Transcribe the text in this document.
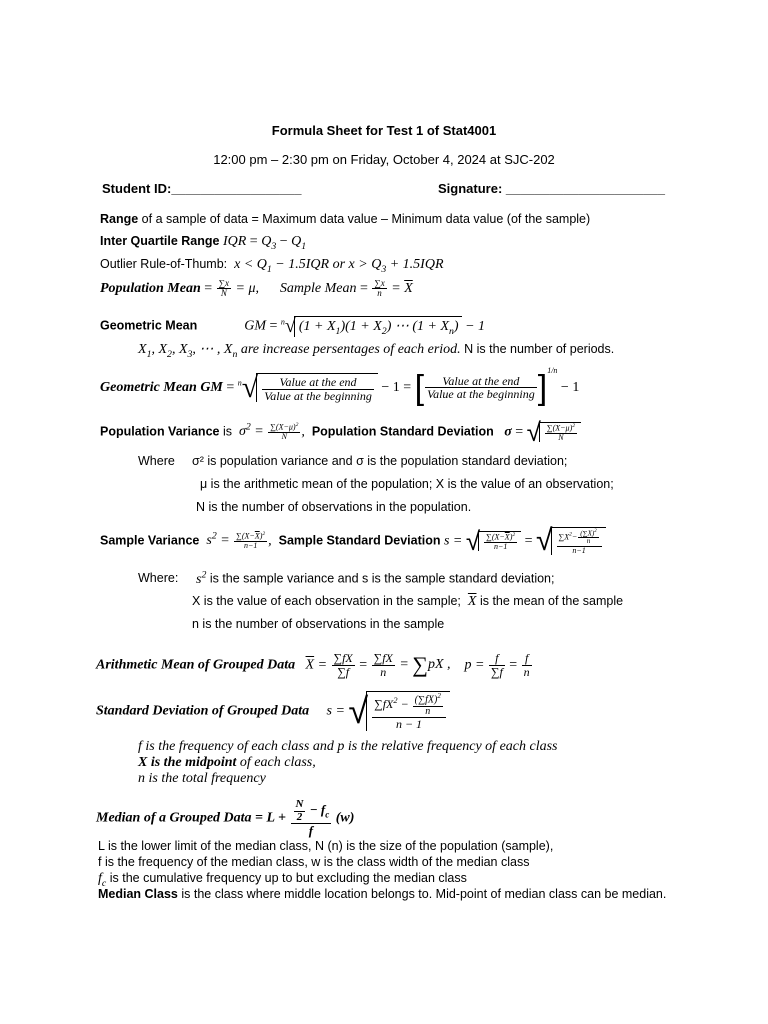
Formula Sheet for Test 1 of Stat4001
12:00 pm – 2:30 pm on Friday, October 4, 2024 at SJC-202
Student ID:__________________	Signature: ______________________
Range of a sample of data = Maximum data value – Minimum data value (of the sample)
Inter Quartile Range IQR = $Q_3 - Q_1$
Outlier Rule-of-Thumb:  $x < Q_1 - 1.5IQR$ or $x > Q_3 + 1.5IQR$
Population Mean = $\frac{\sum x}{N} = \mu$, Sample Mean = $\frac{\sum x}{n} = \overline{X}$
Geometric Mean	GM = $^n$√ $(1 + X_1)(1 + X_2)$ ⋯ $(1 + X_n) - 1$
$X_1$, $X_2$, $X_3$, ⋯ , $X_n$ are increase persentages of each eriod. N is the number of periods.
Geometric Mean GM = $^n√ \frac{\text{Value at the end}}{\text{Value at the beginning}} - 1$ = [ $\frac{\text{Value at the end}}{\text{Value at the beginning}} ]^{1/n} - 1$
Population Variance is  $\sigma^2 = \frac{\sum(X-\mu)^2}{N}$ , Population Standard Deviation σ = √ $\frac{\sum(X-\mu)^2}{N}$
Where σ² is population variance and σ is the population standard deviation;
μ is the arithmetic mean of the population; X is the value of an observation;
N is the number of observations in the population.
Sample Variance  $s^2 = \frac{\sum(X-\overline{X})^2}{n-1}$ , Sample Standard Deviation s = √ $\frac{\sum(X-\overline{X})^2}{n-1}$ = √ $\frac{\sum X^2- \frac{(\sum X)^2}{n}}{n-1}$
Where: $s^2$ is the sample variance and s is the sample standard deviation;
X is the value of each observation in the sample; $\overline{X}$ is the mean of the sample
n is the number of observations in the sample
Arithmetic Mean of Grouped Data $\overline{X} = \frac{\sum fX}{\sum f} = \frac{\sum fX}{n} = \sum pX$ , $p = \frac{f}{\sum f} = \frac{f}{n}$
Standard Deviation of Grouped Data s = √ $\frac{\sum fX^2 - \frac{(\sum fX)^2}{n}}{n - 1}$
f is the frequency of each class and p is the relative frequency of each class
X is the midpoint of each class,
n is the total frequency
Median of a Grouped Data = $L + \frac{\frac{N}{2} - f_c}{f} (w)$
L is the lower limit of the median class, N (n) is the size of the population (sample),
f is the frequency of the median class, w is the class width of the median class
$f_c$ is the cumulative frequency up to but excluding the median class
Median Class is the class where middle location belongs to. Mid-point of median class can be median.
